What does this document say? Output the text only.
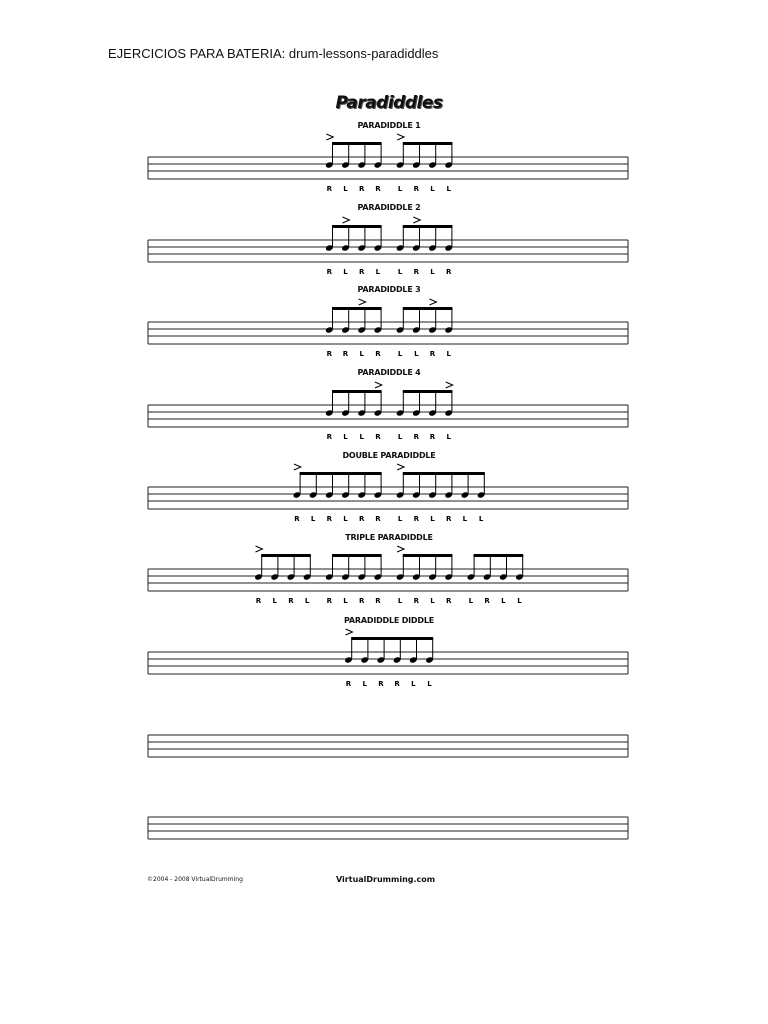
EJERCICIOS PARA BATERIA: drum-lessons-paradiddles
Paradiddles
PARADIDDLE 1
PARADIDDLE 2
PARADIDDLE 3
PARADIDDLE 4
DOUBLE PARADIDDLE
TRIPLE PARADIDDLE
PARADIDDLE DIDDLE
R L R R L R L L
R L R L	L R L R
R R L R L L R L
R L L R L R R L
R L R L R R L R L R L L
R L R L R L R R L R L R L R L L
R L R R L L
©2004 - 2008 VirtualDrumming	VirtualDrumming.com
